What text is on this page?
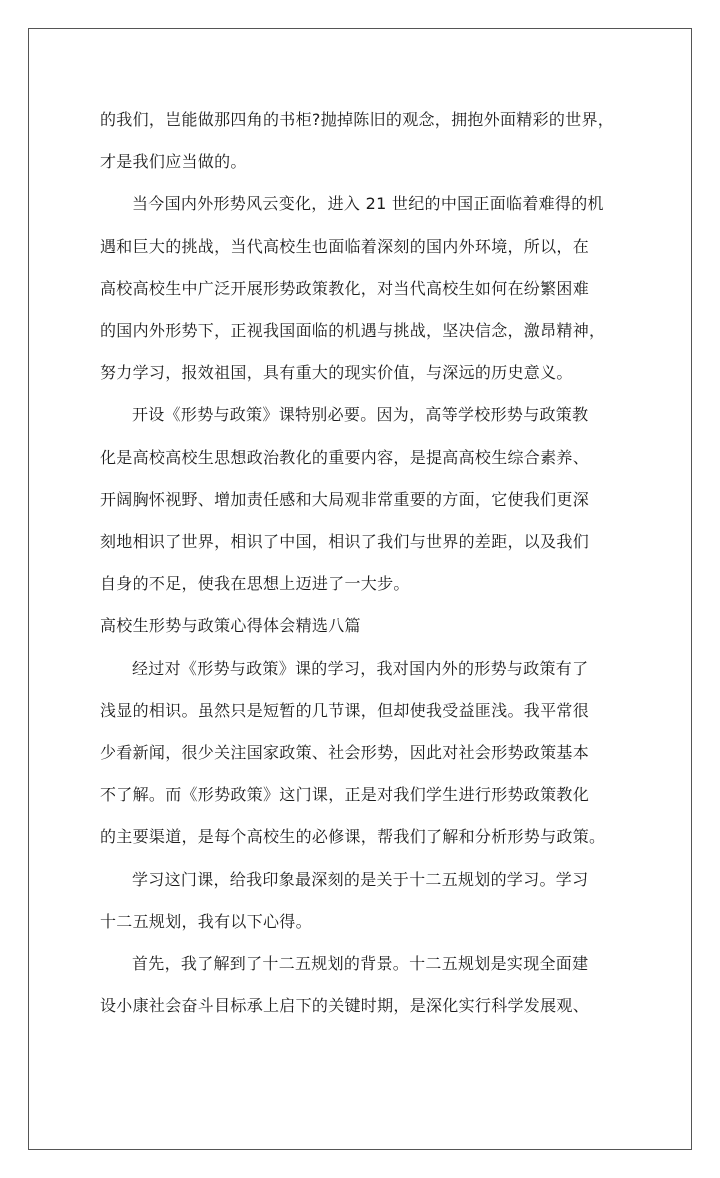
的我们，岂能做那四角的书柜?抛掉陈旧的观念，拥抱外面精彩的世界，
才是我们应当做的。
当今国内外形势风云变化，进入 21 世纪的中国正面临着难得的机
遇和巨大的挑战，当代高校生也面临着深刻的国内外环境，所以，在
高校高校生中广泛开展形势政策教化，对当代高校生如何在纷繁困难
的国内外形势下，正视我国面临的机遇与挑战，坚决信念，激昂精神，
努力学习，报效祖国，具有重大的现实价值，与深远的历史意义。
开设《形势与政策》课特别必要。因为，高等学校形势与政策教
化是高校高校生思想政治教化的重要内容，是提高高校生综合素养、
开阔胸怀视野、增加责任感和大局观非常重要的方面，它使我们更深
刻地相识了世界，相识了中国，相识了我们与世界的差距，以及我们
自身的不足，使我在思想上迈进了一大步。
高校生形势与政策心得体会精选八篇
经过对《形势与政策》课的学习，我对国内外的形势与政策有了
浅显的相识。虽然只是短暂的几节课，但却使我受益匪浅。我平常很
少看新闻，很少关注国家政策、社会形势，因此对社会形势政策基本
不了解。而《形势政策》这门课，正是对我们学生进行形势政策教化
的主要渠道，是每个高校生的必修课，帮我们了解和分析形势与政策。
学习这门课，给我印象最深刻的是关于十二五规划的学习。学习
十二五规划，我有以下心得。
首先，我了解到了十二五规划的背景。十二五规划是实现全面建
设小康社会奋斗目标承上启下的关键时期，是深化实行科学发展观、
